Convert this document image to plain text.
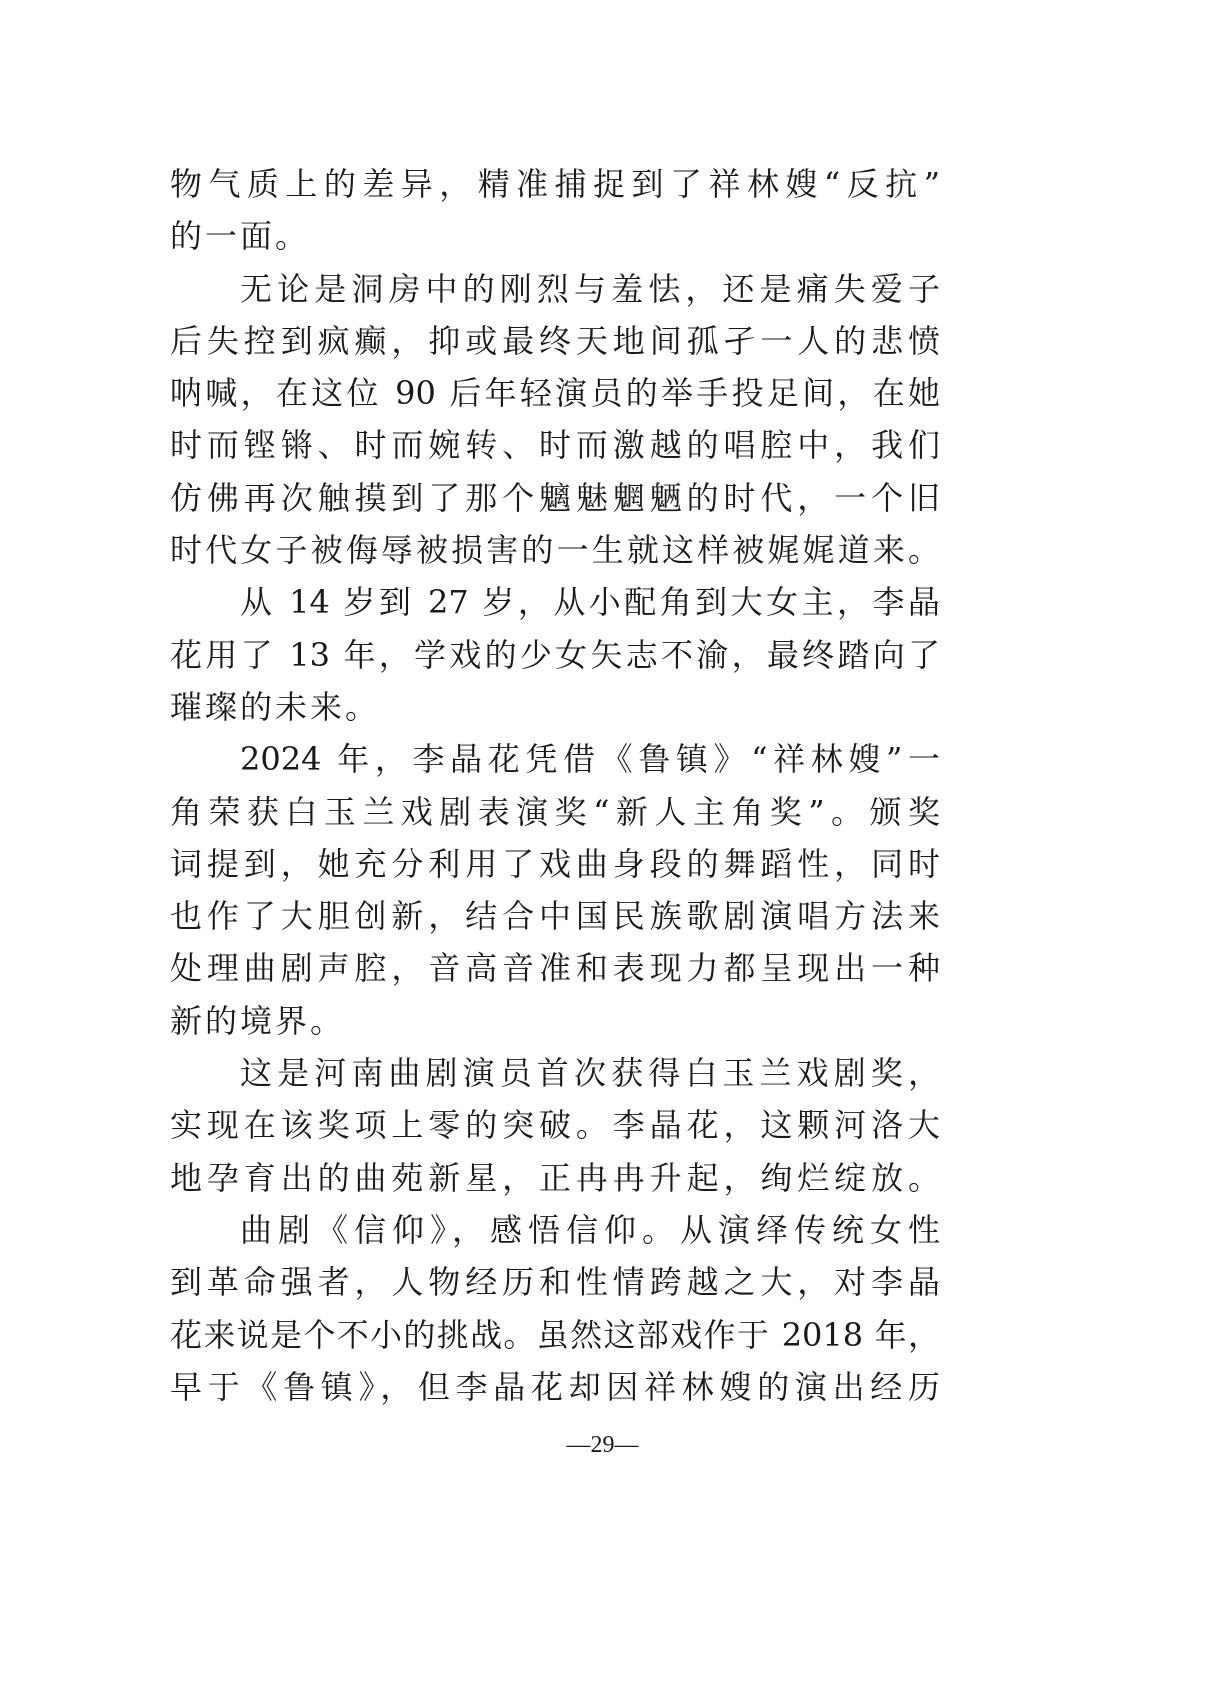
物气质上的差异，精准捕捉到了祥林嫂“反抗”
的一面。
无论是洞房中的刚烈与羞怯，还是痛失爱子
后失控到疯癫，抑或最终天地间孤孑一人的悲愤
呐喊，在这位 90 后年轻演员的举手投足间，在她
时而铿锵、时而婉转、时而激越的唱腔中，我们
仿佛再次触摸到了那个魑魅魍魉的时代，一个旧
时代女子被侮辱被损害的一生就这样被娓娓道来。
从 14 岁到 27 岁，从小配角到大女主，李晶
花用了 13 年，学戏的少女矢志不渝，最终踏向了
璀璨的未来。
2024 年，李晶花凭借《鲁镇》“祥林嫂”一
角荣获白玉兰戏剧表演奖“新人主角奖”。颁奖
词提到，她充分利用了戏曲身段的舞蹈性，同时
也作了大胆创新，结合中国民族歌剧演唱方法来
处理曲剧声腔，音高音准和表现力都呈现出一种
新的境界。
这是河南曲剧演员首次获得白玉兰戏剧奖，
实现在该奖项上零的突破。李晶花，这颗河洛大
地孕育出的曲苑新星，正冉冉升起，绚烂绽放。
曲剧《信仰》，感悟信仰。从演绎传统女性
到革命强者，人物经历和性情跨越之大，对李晶
花来说是个不小的挑战。虽然这部戏作于 2018 年，
早于《鲁镇》，但李晶花却因祥林嫂的演出经历
—29—
